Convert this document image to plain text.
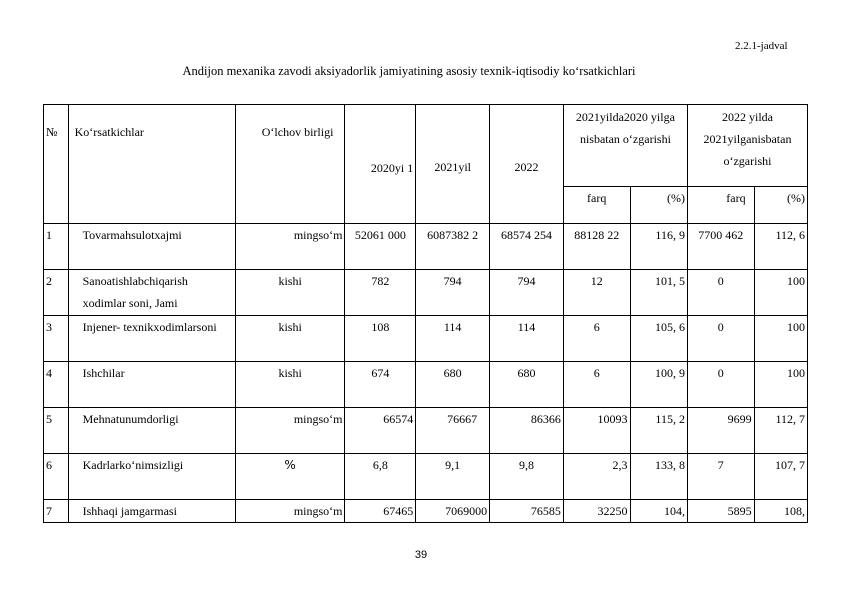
2.2.1-jadval
Andijon mexanika zavodi aksiyadorlik jamiyatining asosiy texnik-iqtisodiy ko‘rsatkichlari
№	Ko‘rsatkichlar	O‘lchov birligi	2020yi 1	2021yil	2022	2021yilda2020 yilga nisbatan o‘zgarishi		2022 yilda 2021yilganisbatan o‘zgarishi	
						farq	(%)	farq	(%)
1	Tovarmahsulotxajmi	mingso‘m	52061 000	6087382 2	68574 254	88128 22	116, 9	7700 462	112, 6
2	Sanoatishlabchiqarish xodimlar soni, Jami	kishi	782	794	794	12	101, 5	0	100
3	Injener- texnikxodimlarsoni	kishi	108	114	114	6	105, 6	0	100
4	Ishchilar	kishi	674	680	680	6	100, 9	0	100
5	Mehnatunumdorligi	mingso‘m	66574	76667	86366	10093	115, 2	9699	112, 7
6	Kadrlarko‘nimsizligi	%	6,8	9,1	9,8	2,3	133, 8	7	107, 7
7	Ishhaqi jamgarmasi	mingso‘m	67465	7069000	76585	32250	104,	5895	108,
39
